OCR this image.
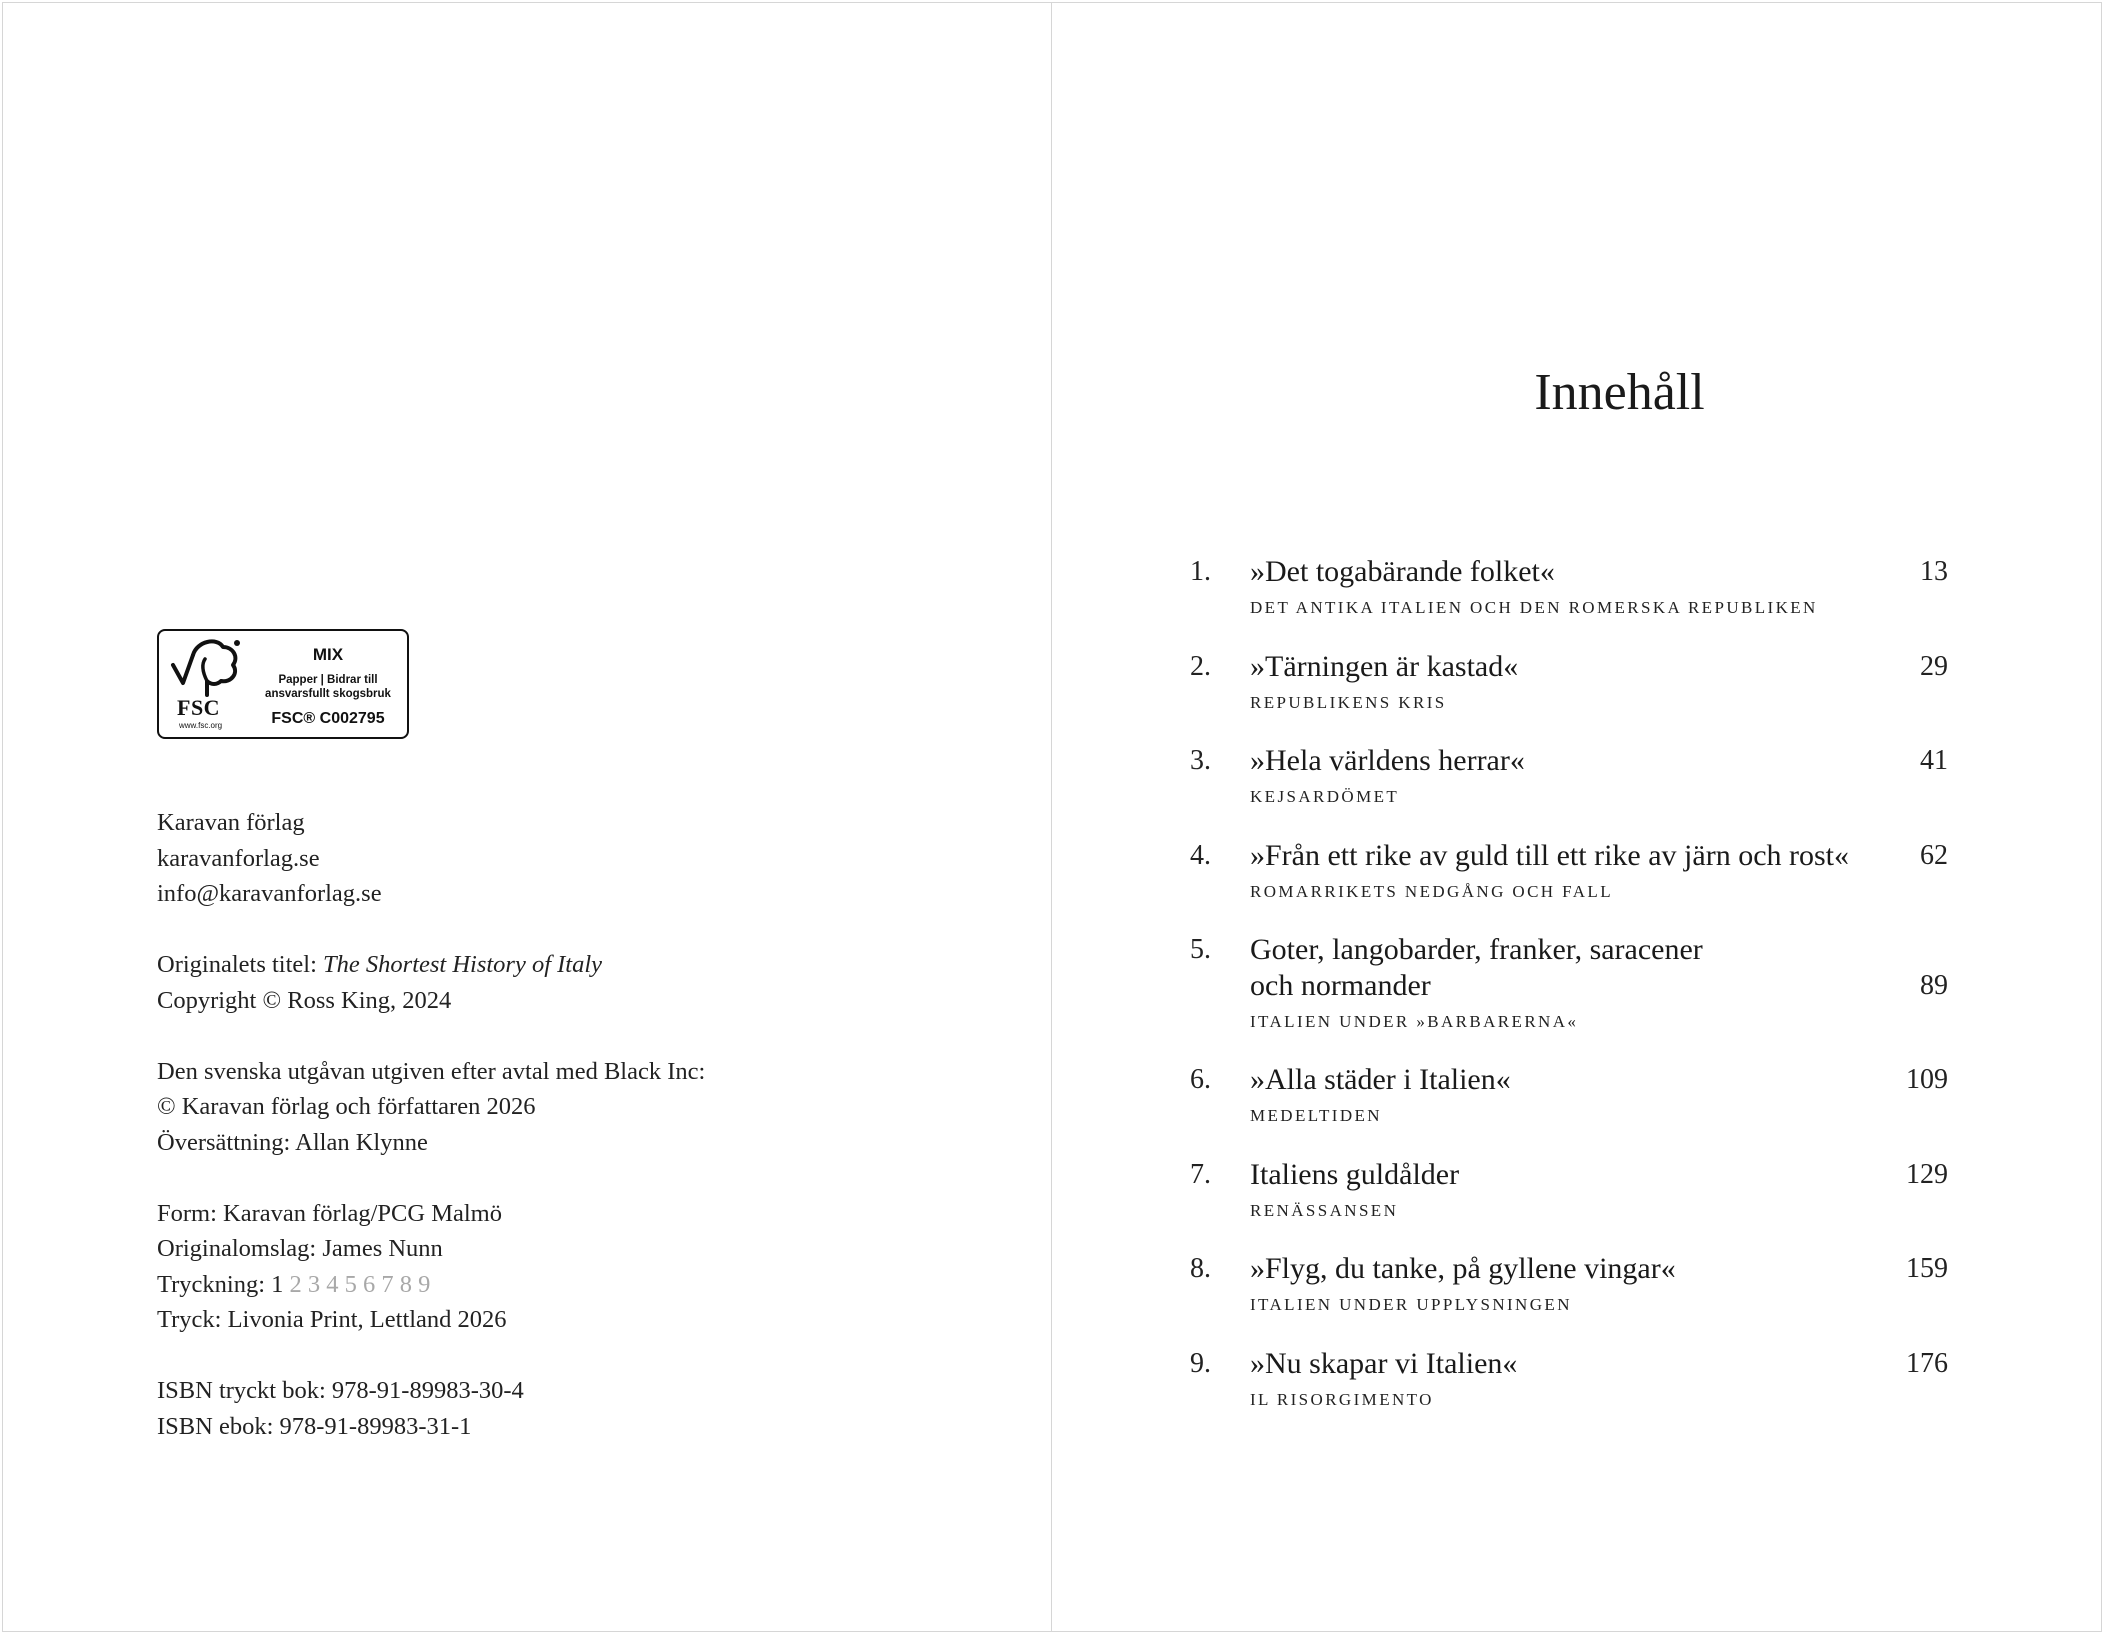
FSC
www.fsc.org
MIX
Papper | Bidrar till
ansvarsfullt skogsbruk
FSC® C002795
Karavan förlag
karavanforlag.se
info@karavanforlag.se
Originalets titel: The Shortest History of Italy
Copyright © Ross King, 2024
Den svenska utgåvan utgiven efter avtal med Black Inc:
© Karavan förlag och författaren 2026
Översättning: Allan Klynne
Form: Karavan förlag/PCG Malmö
Originalomslag: James Nunn
Tryckning: 1 2 3 4 5 6 7 8 9
Tryck: Livonia Print, Lettland 2026
ISBN tryckt bok: 978-91-89983-30-4
ISBN ebok: 978-91-89983-31-1
Innehåll
1. »Det togabärande folket«
DET ANTIKA ITALIEN OCH DEN ROMERSKA REPUBLIKEN
13
2. »Tärningen är kastad«
REPUBLIKENS KRIS
29
3. »Hela världens herrar«
KEJSARDÖMET
41
4. »Från ett rike av guld till ett rike av järn och rost«
ROMARRIKETS NEDGÅNG OCH FALL
62
5. Goter, langobarder, franker, saracener
och normander
ITALIEN UNDER »BARBARERNA«
89
6. »Alla städer i Italien«
MEDELTIDEN
109
7. Italiens guldålder
RENÄSSANSEN
129
8. »Flyg, du tanke, på gyllene vingar«
ITALIEN UNDER UPPLYSNINGEN
159
9. »Nu skapar vi Italien«
IL RISORGIMENTO
176
